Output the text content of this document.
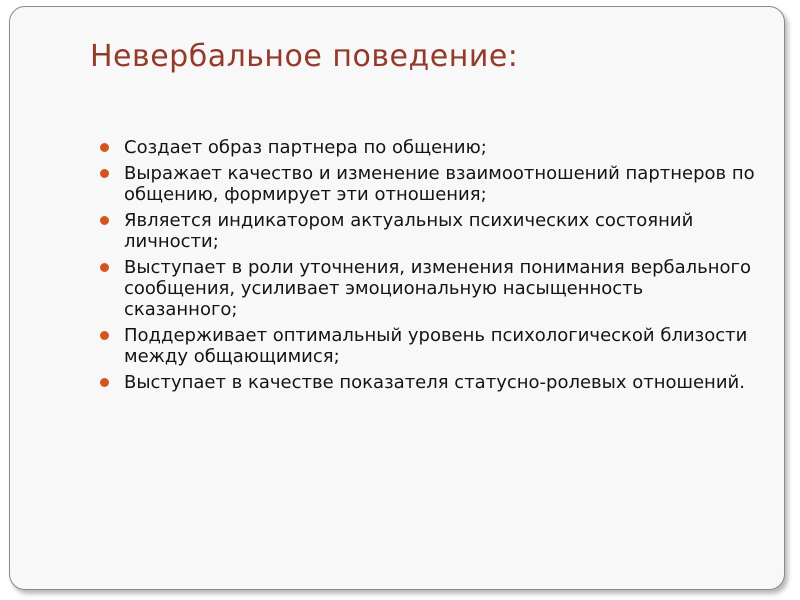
Невербальное поведение:
Создает образ партнера по общению;
Выражает качество и изменение взаимоотношений партнеров по общению, формирует эти отношения;
Является индикатором актуальных психических состояний личности;
Выступает в роли уточнения, изменения понимания вербального сообщения, усиливает эмоциональную насыщенность сказанного;
Поддерживает оптимальный уровень психологической близости между общающимися;
Выступает в качестве показателя статусно-ролевых отношений.
